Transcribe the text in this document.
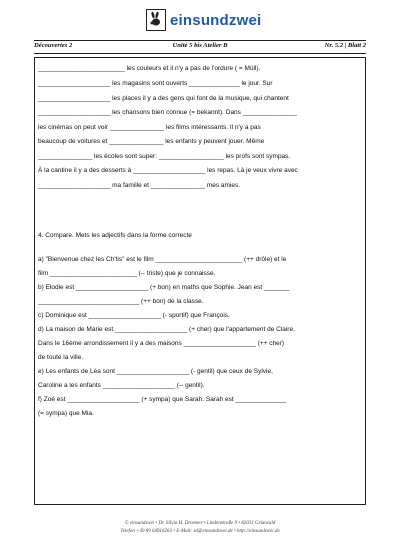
einsundzwei
Découvertes 2	Unité 5 bis Atelier B	Nr. 5.2 | Blatt 2
________________________ les couleurs et il n'y a pas de l'ordure ( = Müll).
____________________ les magasins sont ouverts ______________ le jour. Sur
____________________ les places il y a des gens qui font de la musique, qui chantent
____________________ les chansons bien connue (= bekannt). Dans _______________
les cinémas on peut voir _______________ les films intéressants. Il n'y a pas
beaucoup de voitures et _______________ les enfants y peuvent jouer. Même
_______________ les écoles sont super: __________________ les profs sont sympas.
À la cantine il y a des desserts à ____________________ les repas. Là je veux vivre avec
____________________ ma famille et _______________ mes amies.
4. Compare. Mets les adjectifs dans la forme correcte
a) "Bienvenue chez les Ch'tis" est le film ________________________ (++ drôle) et le
film ________________________ (-- triste) que je connaisse.
b) Elodie est ____________________ (+ bon) en maths que Sophie. Jean est _______
____________________________ (++ bon) de la classe.
c) Dominique est ____________________ (- sportif) que François.
d) La maison de Marie est ____________________ (+ cher) que l'appartement de Claire.
Dans le 16ème arrondissement il y a des maisons ____________________ (++ cher)
de toute la ville.
e) Les enfants de Léa sont ____________________ (- gentil) que ceux de Sylvie,
Caroline a les enfants ____________________ (-- gentil).
f) Zoé est ____________________ (+ sympa) que Sarah. Sarah est ______________
(= sympa) que Mia.
© einsundzwei • Dr. Silvia H. Droemer • Lindenstraße 9 • 82031 Grünwald
Telefon +49 89 64916263 • E-Mail: sd@einsundzwei.de • http://einsundzwei.de
